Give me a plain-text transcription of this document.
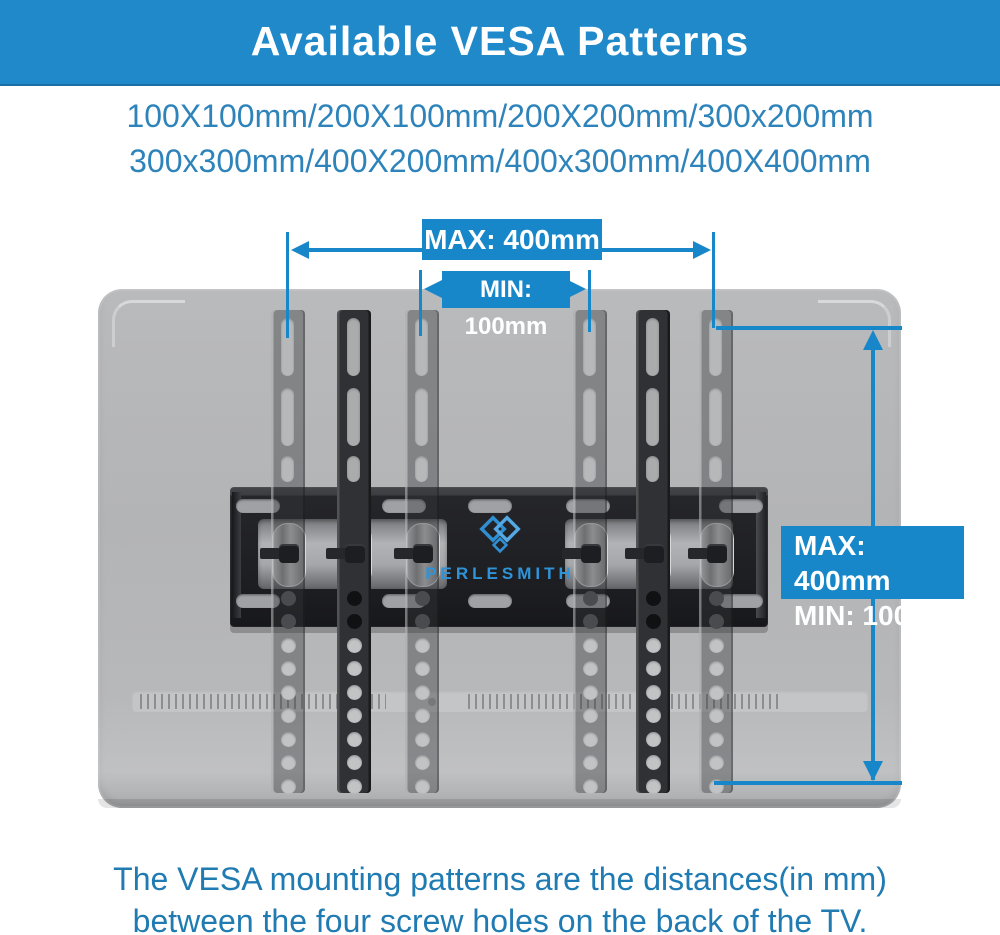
Available VESA Patterns
100X100mm/200X100mm/200X200mm/300x200mm
300x300mm/400X200mm/400x300mm/400X400mm
PERLESMITH
MAX: 400mm
MIN: 100mm
MAX: 400mm
MIN: 100mm
The VESA mounting patterns are the distances(in mm)
between the four screw holes on the back of the TV.
